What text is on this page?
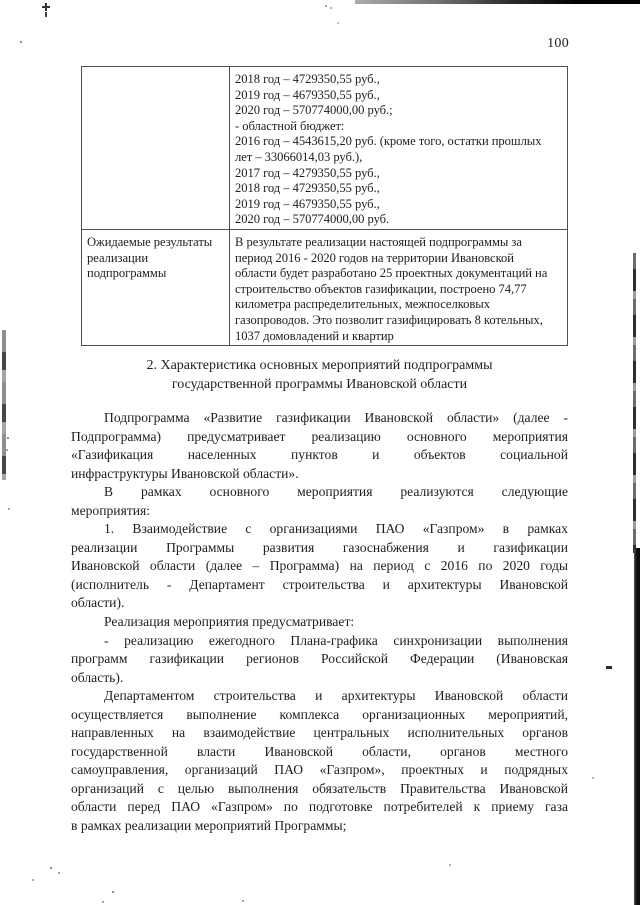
100
2018 год – 4729350,55 руб.,
2019 год – 4679350,55 руб.,
2020 год – 570774000,00 руб.;
- областной бюджет:
2016 год – 4543615,20 руб. (кроме того, остатки прошлых
лет – 33066014,03 руб.),
2017 год – 4279350,55 руб.,
2018 год – 4729350,55 руб.,
2019 год – 4679350,55 руб.,
2020 год – 570774000,00 руб.
Ожидаемые результаты
реализации
подпрограммы
В результате реализации настоящей подпрограммы за
период 2016 - 2020 годов на территории Ивановской
области будет разработано 25 проектных документаций на
строительство объектов газификации, построено 74,77
километра распределительных, межпоселковых
газопроводов. Это позволит газифицировать 8 котельных,
1037 домовладений и квартир
2. Характеристика основных мероприятий подпрограммы
государственной программы Ивановской области
Подпрограмма «Развитие газификации Ивановской области» (далее -
Подпрограмма) предусматривает реализацию основного мероприятия
«Газификация населенных пунктов и объектов социальной
инфраструктуры Ивановской области».
В рамках основного мероприятия реализуются следующие
мероприятия:
1. Взаимодействие с организациями ПАО «Газпром» в рамках
реализации Программы развития газоснабжения и газификации
Ивановской области (далее – Программа) на период с 2016 по 2020 годы
(исполнитель - Департамент строительства и архитектуры Ивановской
области).
Реализация мероприятия предусматривает:
- реализацию ежегодного Плана-графика синхронизации выполнения
программ газификации регионов Российской Федерации (Ивановская
область).
Департаментом строительства и архитектуры Ивановской области
осуществляется выполнение комплекса организационных мероприятий,
направленных на взаимодействие центральных исполнительных органов
государственной власти Ивановской области, органов местного
самоуправления, организаций ПАО «Газпром», проектных и подрядных
организаций с целью выполнения обязательств Правительства Ивановской
области перед ПАО «Газпром» по подготовке потребителей к приему газа
в рамках реализации мероприятий Программы;
